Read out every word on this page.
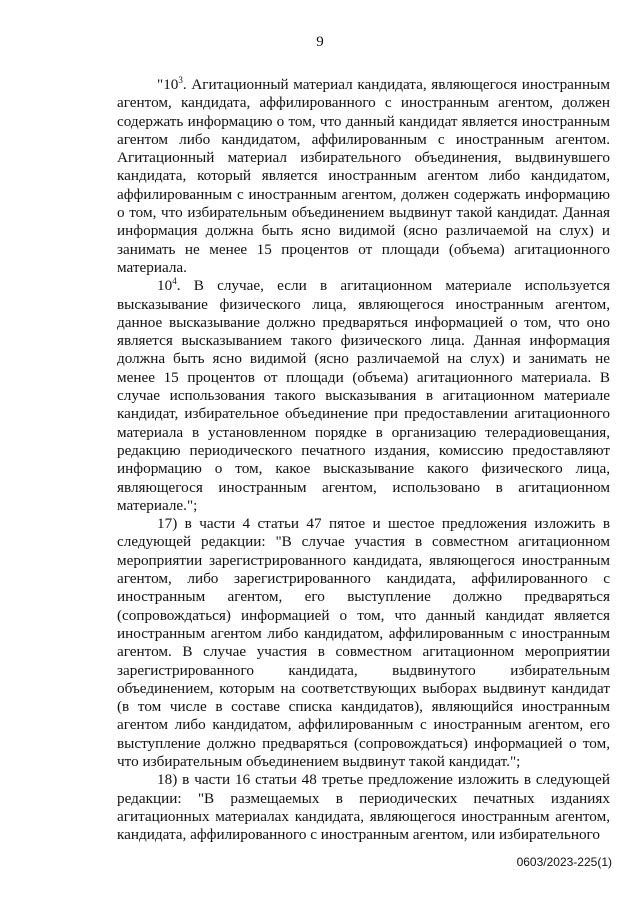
9

"$10^3$. Агитационный материал кандидата, являющегося иностранным агентом, кандидата, аффилированного с иностранным агентом, должен содержать информацию о том, что данный кандидат является иностранным агентом либо кандидатом, аффилированным с иностранным агентом. Агитационный материал избирательного объединения, выдвинувшего кандидата, который является иностранным агентом либо кандидатом, аффилированным с иностранным агентом, должен содержать информацию о том, что избирательным объединением выдвинут такой кандидат. Данная информация должна быть ясно видимой (ясно различаемой на слух) и занимать не менее 15 процентов от площади (объема) агитационного материала.

$10^4$. В случае, если в агитационном материале используется высказывание физического лица, являющегося иностранным агентом, данное высказывание должно предваряться информацией о том, что оно является высказыванием такого физического лица. Данная информация должна быть ясно видимой (ясно различаемой на слух) и занимать не менее 15 процентов от площади (объема) агитационного материала. В случае использования такого высказывания в агитационном материале кандидат, избирательное объединение при предоставлении агитационного материала в установленном порядке в организацию телерадиовещания, редакцию периодического печатного издания, комиссию предоставляют информацию о том, какое высказывание какого физического лица, являющегося иностранным агентом, использовано в агитационном материале.";

17) в части 4 статьи 47 пятое и шестое предложения изложить в следующей редакции: "В случае участия в совместном агитационном мероприятии зарегистрированного кандидата, являющегося иностранным агентом, либо зарегистрированного кандидата, аффилированного с иностранным агентом, его выступление должно предваряться (сопровождаться) информацией о том, что данный кандидат является иностранным агентом либо кандидатом, аффилированным с иностранным агентом. В случае участия в совместном агитационном мероприятии зарегистрированного кандидата, выдвинутого избирательным объединением, которым на соответствующих выборах выдвинут кандидат (в том числе в составе списка кандидатов), являющийся иностранным агентом либо кандидатом, аффилированным с иностранным агентом, его выступление должно предваряться (сопровождаться) информацией о том, что избирательным объединением выдвинут такой кандидат.";

18) в части 16 статьи 48 третье предложение изложить в следующей редакции: "В размещаемых в периодических печатных изданиях агитационных материалах кандидата, являющегося иностранным агентом, кандидата, аффилированного с иностранным агентом, или избирательного

0603/2023-225(1)
